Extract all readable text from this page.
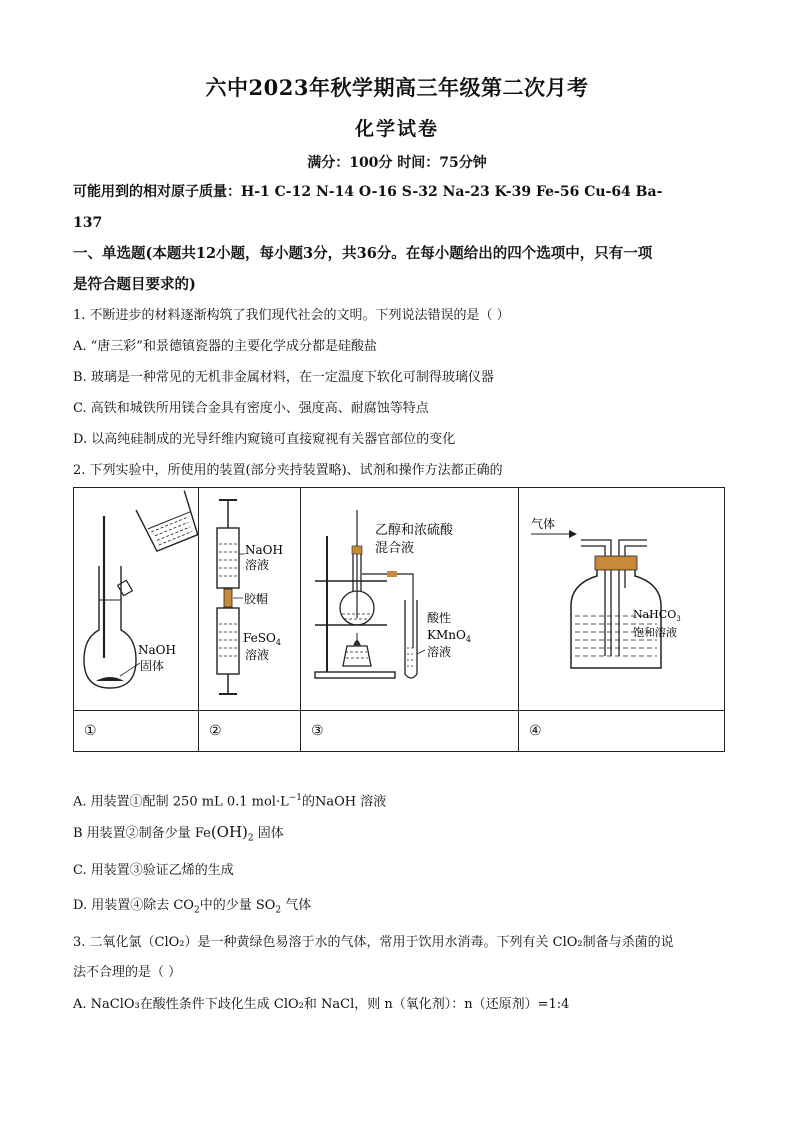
六中2023年秋学期高三年级第二次月考
化学试卷
满分：100分 时间：75分钟
可能用到的相对原子质量：H-1 C-12 N-14 O-16 S-32 Na-23 K-39 Fe-56 Cu-64 Ba-
137
一、单选题(本题共12小题，每小题3分，共36分。在每小题给出的四个选项中，只有一项
是符合题目要求的)
1. 不断进步的材料逐渐构筑了我们现代社会的文明。下列说法错误的是（ ）
A. “唐三彩”和景德镇瓷器的主要化学成分都是硅酸盐
B. 玻璃是一种常见的无机非金属材料，在一定温度下软化可制得玻璃仪器
C. 高铁和城铁所用镁合金具有密度小、强度高、耐腐蚀等特点
D. 以高纯硅制成的光导纤维内窥镜可直接窥视有关器官部位的变化
2. 下列实验中，所使用的装置(部分夹持装置略)、试剂和操作方法都正确的
NaOH
固体	NaOH
溶液
胶帽
FeSO$_4$
溶液	乙醇和浓硫酸
混合液
酸性
KMnO$_4$
溶液	气体
NaHCO$_3$
饱和溶液

①	②	③	④
A. 用装置①配制 250 mL 0.1 $mol\cdot L^{-1}$的NaOH 溶液
B 用装置②制备少量 $Fe(OH)_2$ 固体
C. 用装置③验证乙烯的生成
D. 用装置④除去 $CO_2$中的少量 $SO_2$ 气体
3. 二氧化氯（ClO₂）是一种黄绿色易溶于水的气体，常用于饮用水消毒。下列有关 ClO₂制备与杀菌的说
法不合理的是（ ）
A. NaClO₃在酸性条件下歧化生成 ClO₂和 NaCl，则 n（氧化剂）：n（还原剂）=1:4
